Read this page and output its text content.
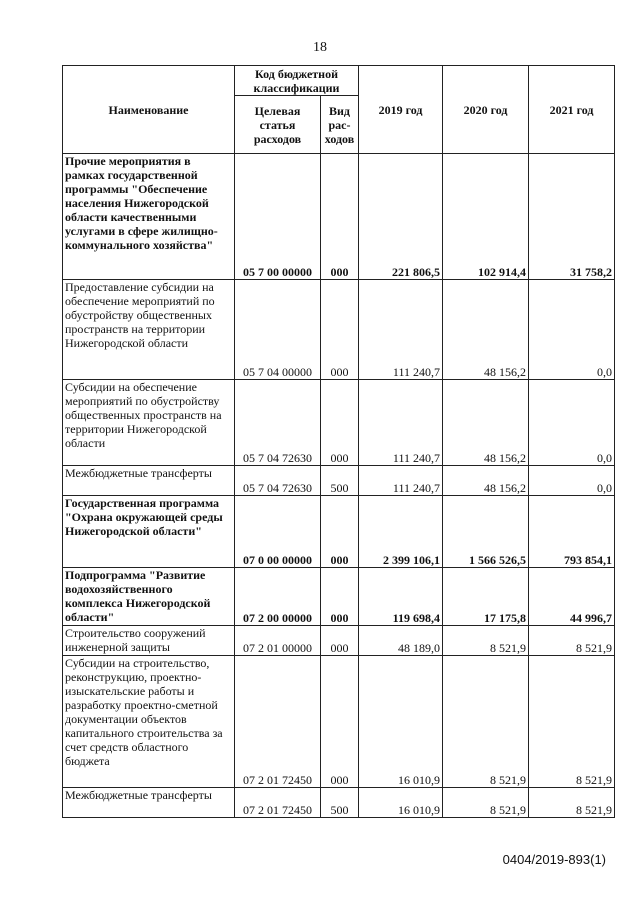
18
Наименование	Код бюджетной классификации		2019 год	2020 год	2021 год
	Целевая статья расходов	Вид рас- ходов			
Прочие мероприятия в рамках государственной программы "Обеспечение населения Нижегородской области качественными услугами в сфере жилищно-коммунального хозяйства"	05 7 00 00000	000	221 806,5	102 914,4	31 758,2
Предоставление субсидии на обеспечение мероприятий по обустройству общественных пространств на территории Нижегородской области	05 7 04 00000	000	111 240,7	48 156,2	0,0
Субсидии на обеспечение мероприятий по обустройству общественных пространств на территории Нижегородской области	05 7 04 72630	000	111 240,7	48 156,2	0,0
Межбюджетные трансферты	05 7 04 72630	500	111 240,7	48 156,2	0,0
Государственная программа "Охрана окружающей среды Нижегородской области"	07 0 00 00000	000	2 399 106,1	1 566 526,5	793 854,1
Подпрограмма "Развитие водохозяйственного комплекса Нижегородской области"	07 2 00 00000	000	119 698,4	17 175,8	44 996,7
Строительство сооружений инженерной защиты	07 2 01 00000	000	48 189,0	8 521,9	8 521,9
Субсидии на строительство, реконструкцию, проектно-изыскательские работы и разработку проектно-сметной документации объектов капитального строительства за счет средств областного бюджета	07 2 01 72450	000	16 010,9	8 521,9	8 521,9
Межбюджетные трансферты	07 2 01 72450	500	16 010,9	8 521,9	8 521,9
0404/2019-893(1)
